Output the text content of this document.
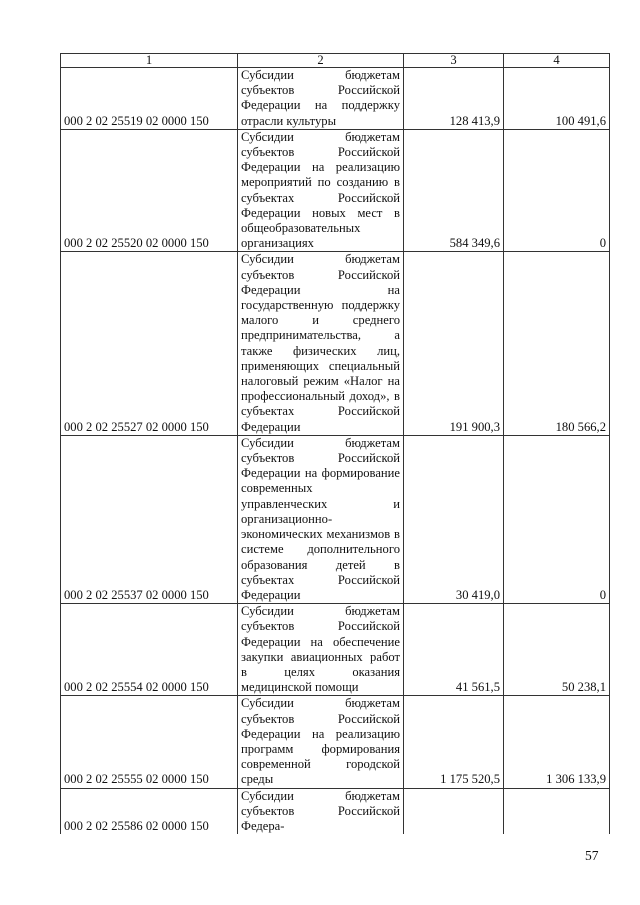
1	2	3	4
000 2 02 25519 02 0000 150	Субсидии бюджетам субъектов Российской Федерации на поддержку отрасли культуры	128 413,9	100 491,6
000 2 02 25520 02 0000 150	Субсидии бюджетам субъектов Российской Федерации на реализацию мероприятий по созданию в субъектах Российской Федерации новых мест в общеобразовательных организациях	584 349,6	0
000 2 02 25527 02 0000 150	Субсидии бюджетам субъектов Российской Федерации на государственную поддержку малого и среднего предпринимательства, а также физических лиц, применяющих специальный налоговый режим «Налог на профессиональный доход», в субъектах Российской Федерации	191 900,3	180 566,2
000 2 02 25537 02 0000 150	Субсидии бюджетам субъектов Российской Федерации на формирование современных управленческих и организационно-экономических механизмов в системе дополнительного образования детей в субъектах Российской Федерации	30 419,0	0
000 2 02 25554 02 0000 150	Субсидии бюджетам субъектов Российской Федерации на обеспечение закупки авиационных работ в целях оказания медицинской помощи	41 561,5	50 238,1
000 2 02 25555 02 0000 150	Субсидии бюджетам субъектов Российской Федерации на реализацию программ формирования современной городской среды	1 175 520,5	1 306 133,9
000 2 02 25586 02 0000 150	Субсидии бюджетам субъектов Российской Федера-		
57
